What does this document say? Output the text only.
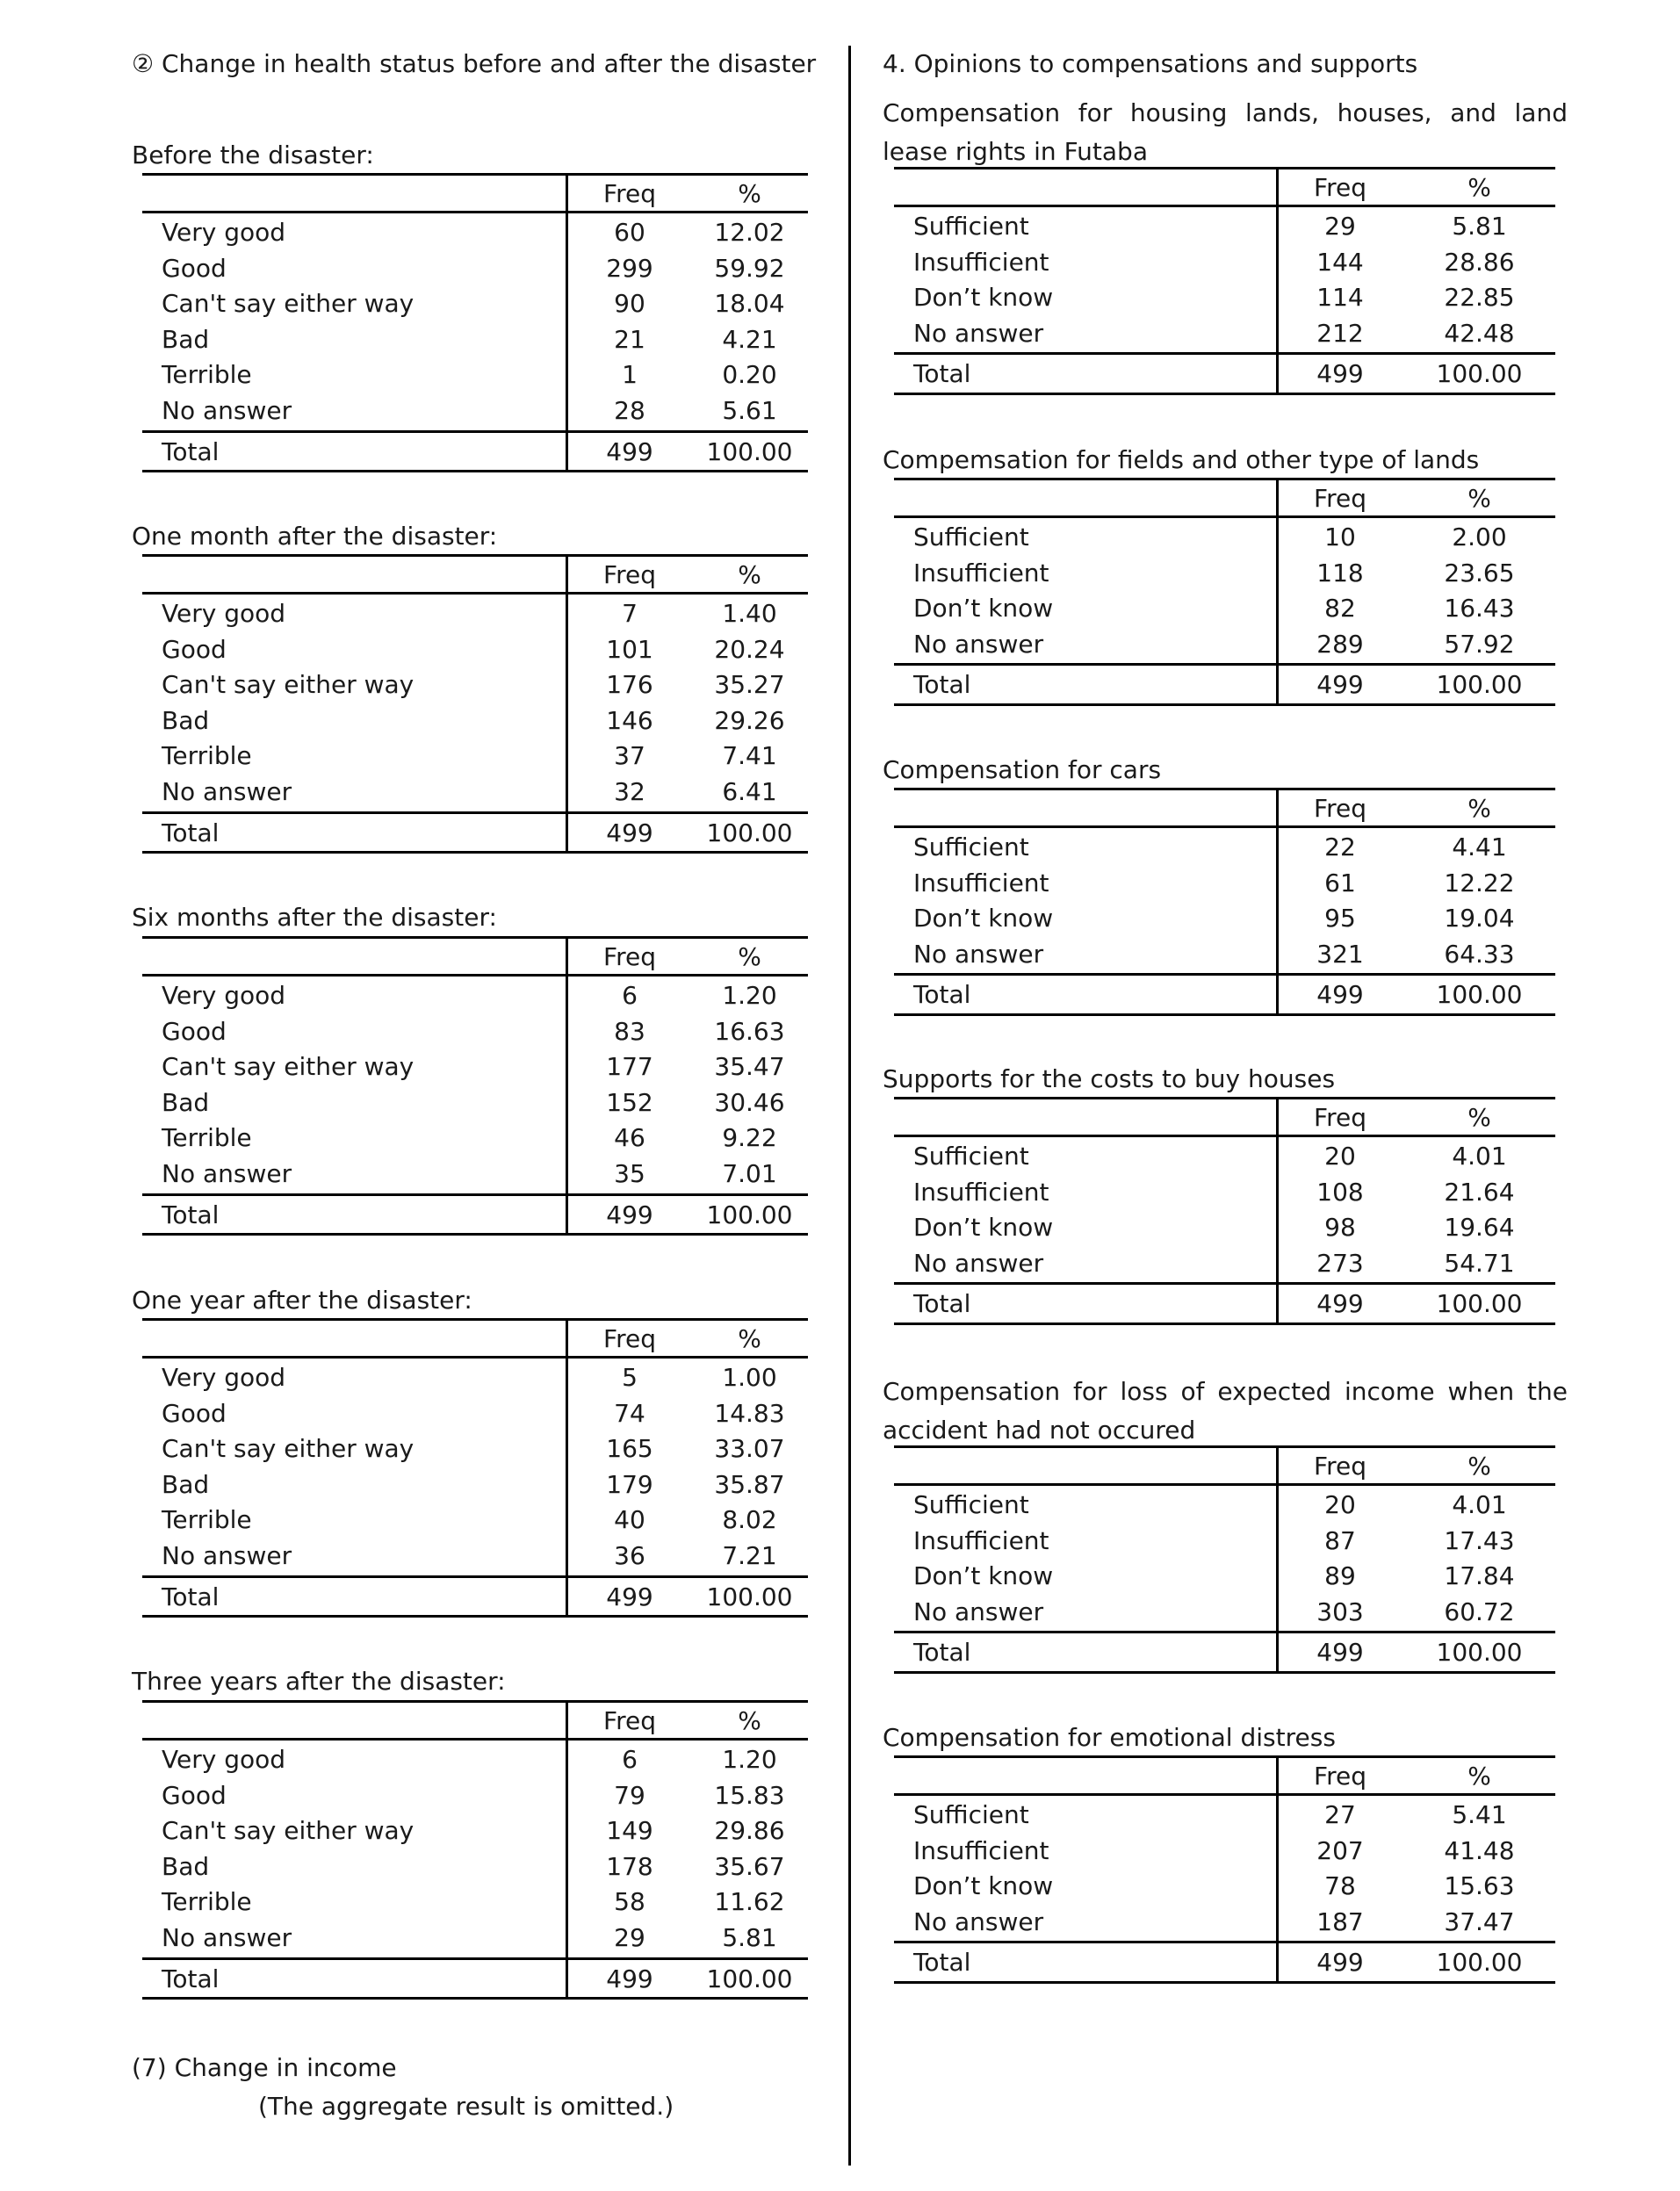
② Change in health status before and after the disaster
Before the disaster:
Freq	%
Very good	60	12.02
Good	299	59.92
Can't say either way	90	18.04
Bad	21	4.21
Terrible	1	0.20
No answer	28	5.61
Total	499	100.00
One month after the disaster:
Freq	%
Very good	7	1.40
Good	101	20.24
Can't say either way	176	35.27
Bad	146	29.26
Terrible	37	7.41
No answer	32	6.41
Total	499	100.00
Six months after the disaster:
Freq	%
Very good	6	1.20
Good	83	16.63
Can't say either way	177	35.47
Bad	152	30.46
Terrible	46	9.22
No answer	35	7.01
Total	499	100.00
One year after the disaster:
Freq	%
Very good	5	1.00
Good	74	14.83
Can't say either way	165	33.07
Bad	179	35.87
Terrible	40	8.02
No answer	36	7.21
Total	499	100.00
Three years after the disaster:
Freq	%
Very good	6	1.20
Good	79	15.83
Can't say either way	149	29.86
Bad	178	35.67
Terrible	58	11.62
No answer	29	5.81
Total	499	100.00
(7) Change in income
(The aggregate result is omitted.)
4. Opinions to compensations and supports
Compensation for housing lands, houses, and land lease rights in Futaba
Freq	%
Sufficient	29	5.81
Insufficient	144	28.86
Don’t know	114	22.85
No answer	212	42.48
Total	499	100.00
Compemsation for fields and other type of lands
Freq	%
Sufficient	10	2.00
Insufficient	118	23.65
Don’t know	82	16.43
No answer	289	57.92
Total	499	100.00
Compensation for cars
Freq	%
Sufficient	22	4.41
Insufficient	61	12.22
Don’t know	95	19.04
No answer	321	64.33
Total	499	100.00
Supports for the costs to buy houses
Freq	%
Sufficient	20	4.01
Insufficient	108	21.64
Don’t know	98	19.64
No answer	273	54.71
Total	499	100.00
Compensation for loss of expected income when the accident had not occured
Freq	%
Sufficient	20	4.01
Insufficient	87	17.43
Don’t know	89	17.84
No answer	303	60.72
Total	499	100.00
Compensation for emotional distress
Freq	%
Sufficient	27	5.41
Insufficient	207	41.48
Don’t know	78	15.63
No answer	187	37.47
Total	499	100.00
